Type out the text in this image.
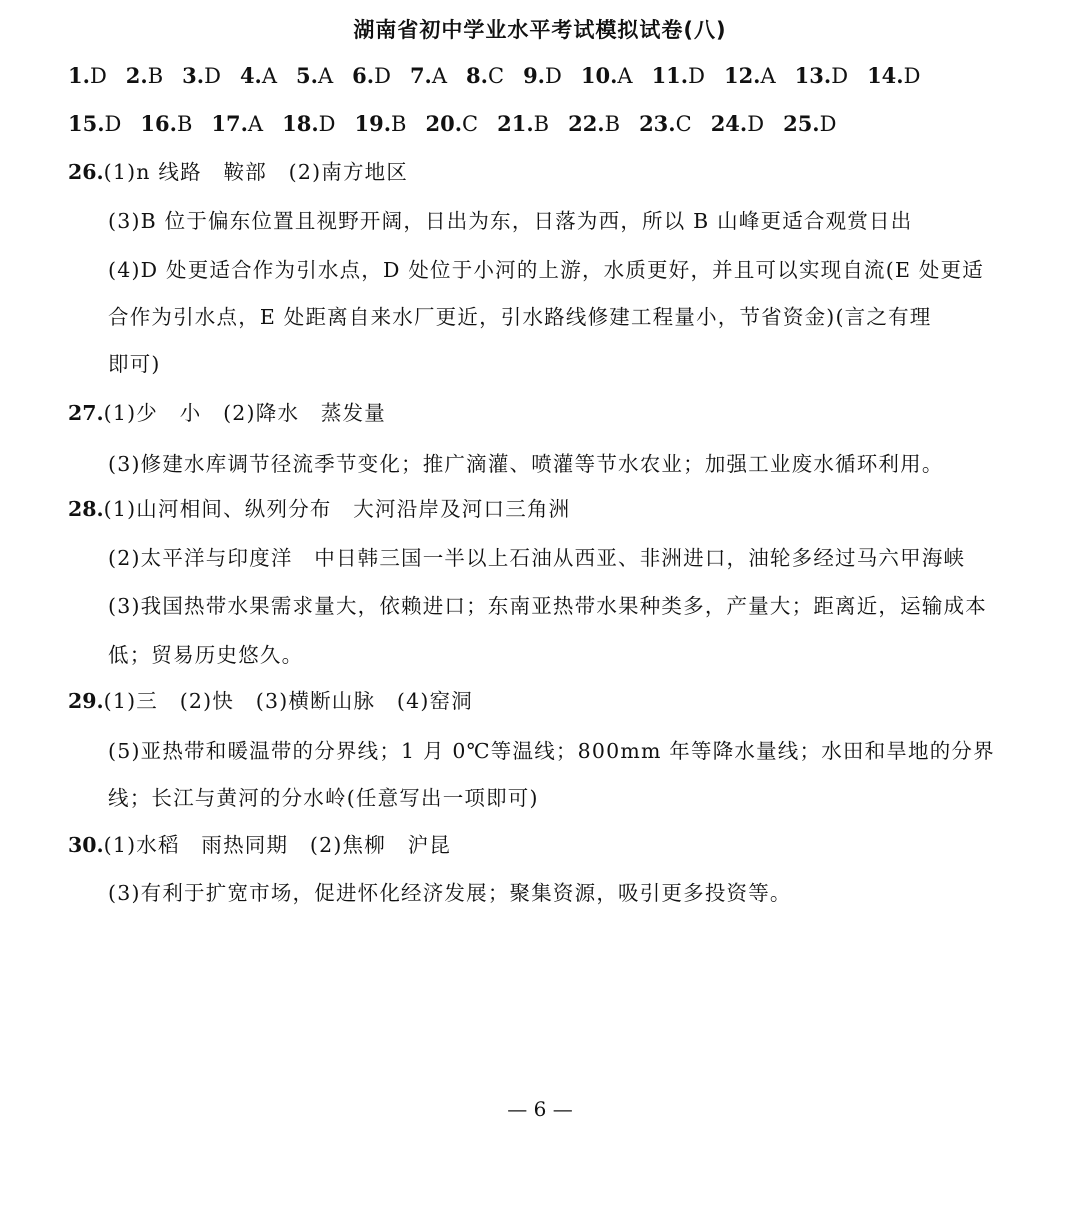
湖南省初中学业水平考试模拟试卷(八)
1.D 2.B 3.D 4.A 5.A 6.D 7.A 8.C 9.D 10.A 11.D 12.A 13.D 14.D
15.D 16.B 17.A 18.D 19.B 20.C 21.B 22.B 23.C 24.D 25.D
26.(1)n 线路　鞍部　(2)南方地区
(3)B 位于偏东位置且视野开阔，日出为东，日落为西，所以 B 山峰更适合观赏日出
(4)D 处更适合作为引水点，D 处位于小河的上游，水质更好，并且可以实现自流(E 处更适
合作为引水点，E 处距离自来水厂更近，引水路线修建工程量小，节省资金)(言之有理
即可)
27.(1)少　小　(2)降水　蒸发量
(3)修建水库调节径流季节变化；推广滴灌、喷灌等节水农业；加强工业废水循环利用。
28.(1)山河相间、纵列分布　大河沿岸及河口三角洲
(2)太平洋与印度洋　中日韩三国一半以上石油从西亚、非洲进口，油轮多经过马六甲海峡
(3)我国热带水果需求量大，依赖进口；东南亚热带水果种类多，产量大；距离近，运输成本
低；贸易历史悠久。
29.(1)三　(2)快　(3)横断山脉　(4)窑洞
(5)亚热带和暖温带的分界线；1 月 0℃等温线；800mm 年等降水量线；水田和旱地的分界
线；长江与黄河的分水岭(任意写出一项即可)
30.(1)水稻　雨热同期　(2)焦柳　沪昆
(3)有利于扩宽市场，促进怀化经济发展；聚集资源，吸引更多投资等。
— 6 —
